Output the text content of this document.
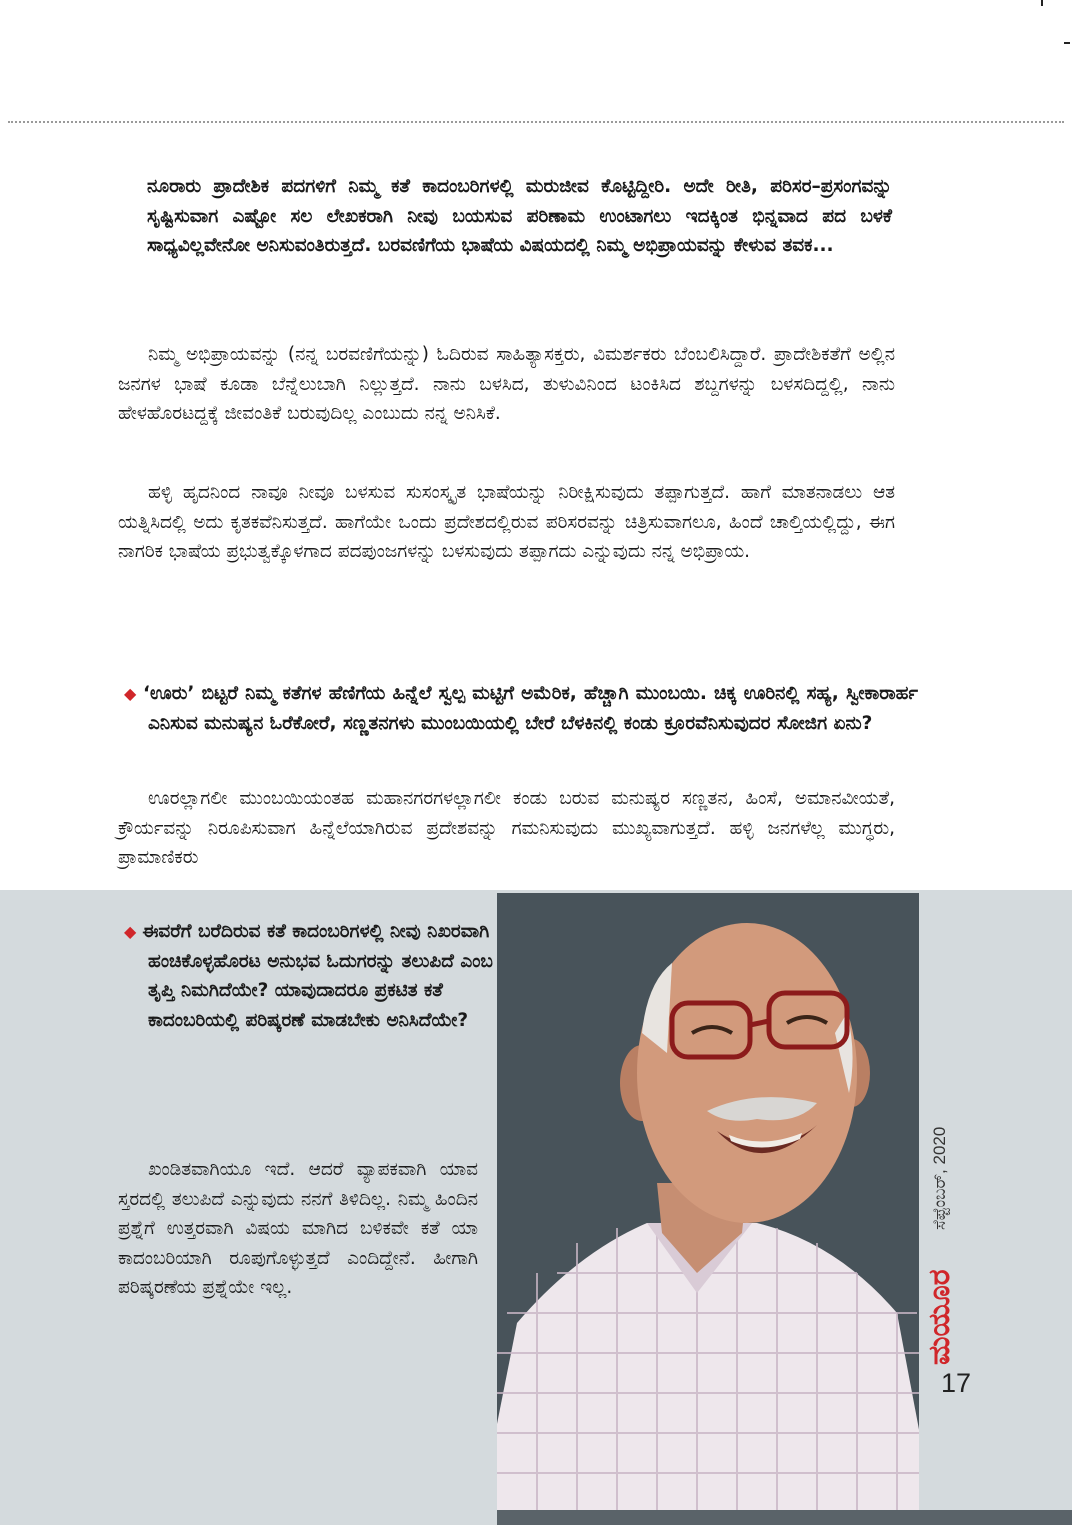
ನೂರಾರು ಪ್ರಾದೇಶಿಕ ಪದಗಳಿಗೆ ನಿಮ್ಮ ಕತೆ ಕಾದಂಬರಿಗಳಲ್ಲಿ ಮರುಜೀವ ಕೊಟ್ಟಿದ್ದೀರಿ. ಅದೇ ರೀತಿ, ಪರಿಸರ–ಪ್ರಸಂಗವನ್ನು ಸೃಷ್ಟಿಸುವಾಗ ಎಷ್ಟೋ ಸಲ ಲೇಖಕರಾಗಿ ನೀವು ಬಯಸುವ ಪರಿಣಾಮ ಉಂಟಾಗಲು ಇದಕ್ಕಿಂತ ಭಿನ್ನವಾದ ಪದ ಬಳಕೆ ಸಾಧ್ಯವಿಲ್ಲವೇನೋ ಅನಿಸುವಂತಿರುತ್ತದೆ. ಬರವಣಿಗೆಯ ಭಾಷೆಯ ವಿಷಯದಲ್ಲಿ ನಿಮ್ಮ ಅಭಿಪ್ರಾಯವನ್ನು ಕೇಳುವ ತವಕ...

ನಿಮ್ಮ ಅಭಿಪ್ರಾಯವನ್ನು (ನನ್ನ ಬರವಣಿಗೆಯನ್ನು) ಓದಿರುವ ಸಾಹಿತ್ಯಾಸಕ್ತರು, ವಿಮರ್ಶಕರು ಬೆಂಬಲಿಸಿದ್ದಾರೆ. ಪ್ರಾದೇಶಿಕತೆಗೆ ಅಲ್ಲಿನ ಜನಗಳ ಭಾಷೆ ಕೂಡಾ ಬೆನ್ನೆಲುಬಾಗಿ ನಿಲ್ಲುತ್ತದೆ. ನಾನು ಬಳಸಿದ, ತುಳುವಿನಿಂದ ಟಂಕಿಸಿದ ಶಬ್ದಗಳನ್ನು ಬಳಸದಿದ್ದಲ್ಲಿ, ನಾನು ಹೇಳಹೊರಟದ್ದಕ್ಕೆ ಜೀವಂತಿಕೆ ಬರುವುದಿಲ್ಲ ಎಂಬುದು ನನ್ನ ಅನಿಸಿಕೆ.

ಹಳ್ಳಿ ಹೃದನಿಂದ ನಾವೂ ನೀವೂ ಬಳಸುವ ಸುಸಂಸ್ಕೃತ ಭಾಷೆಯನ್ನು ನಿರೀಕ್ಷಿಸುವುದು ತಪ್ಪಾಗುತ್ತದೆ. ಹಾಗೆ ಮಾತನಾಡಲು ಆತ ಯತ್ನಿಸಿದಲ್ಲಿ ಅದು ಕೃತಕವೆನಿಸುತ್ತದೆ. ಹಾಗೆಯೇ ಒಂದು ಪ್ರದೇಶದಲ್ಲಿರುವ ಪರಿಸರವನ್ನು ಚಿತ್ರಿಸುವಾಗಲೂ, ಹಿಂದೆ ಚಾಲ್ತಿಯಲ್ಲಿದ್ದು, ಈಗ ನಾಗರಿಕ ಭಾಷೆಯ ಪ್ರಭುತ್ವಕ್ಕೊಳಗಾದ ಪದಪುಂಜಗಳನ್ನು ಬಳಸುವುದು ತಪ್ಪಾಗದು ಎನ್ನುವುದು ನನ್ನ ಅಭಿಪ್ರಾಯ.

◆ ‘ಊರು’ ಬಿಟ್ಟರೆ ನಿಮ್ಮ ಕತೆಗಳ ಹೆಣಿಗೆಯ ಹಿನ್ನೆಲೆ ಸ್ವಲ್ಪ ಮಟ್ಟಿಗೆ ಅಮೆರಿಕ, ಹೆಚ್ಚಾಗಿ ಮುಂಬಯಿ. ಚಿಕ್ಕ ಊರಿನಲ್ಲಿ ಸಹ್ಯ, ಸ್ವೀಕಾರಾರ್ಹ ಎನಿಸುವ ಮನುಷ್ಯನ ಓರೆಕೋರೆ, ಸಣ್ಣತನಗಳು ಮುಂಬಯಿಯಲ್ಲಿ ಬೇರೆ ಬೆಳಕಿನಲ್ಲಿ ಕಂಡು ಕ್ರೂರವೆನಿಸುವುದರ ಸೋಜಿಗ ಏನು?

ಊರಲ್ಲಾಗಲೀ ಮುಂಬಯಿಯಂತಹ ಮಹಾನಗರಗಳಲ್ಲಾಗಲೀ ಕಂಡು ಬರುವ ಮನುಷ್ಯರ ಸಣ್ಣತನ, ಹಿಂಸೆ, ಅಮಾನವೀಯತೆ, ಕ್ರೌರ್ಯವನ್ನು ನಿರೂಪಿಸುವಾಗ ಹಿನ್ನೆಲೆಯಾಗಿರುವ ಪ್ರದೇಶವನ್ನು ಗಮನಿಸುವುದು ಮುಖ್ಯವಾಗುತ್ತದೆ. ಹಳ್ಳಿ ಜನಗಳೆಲ್ಲ ಮುಗ್ಧರು, ಪ್ರಾಮಾಣಿಕರು

ಸೆಪ್ಟೆಂಬರ್, 2020
ಮಯೂರ
17
◆ ಈವರೆಗೆ ಬರೆದಿರುವ ಕತೆ ಕಾದಂಬರಿಗಳಲ್ಲಿ ನೀವು ನಿಖರವಾಗಿ ಹಂಚಿಕೊಳ್ಳಹೊರಟ ಅನುಭವ ಓದುಗರನ್ನು ತಲುಪಿದೆ ಎಂಬ ತೃಪ್ತಿ ನಿಮಗಿದೆಯೇ? ಯಾವುದಾದರೂ ಪ್ರಕಟಿತ ಕತೆ ಕಾದಂಬರಿಯಲ್ಲಿ ಪರಿಷ್ಕರಣೆ ಮಾಡಬೇಕು ಅನಿಸಿದೆಯೇ?

ಖಂಡಿತವಾಗಿಯೂ ಇದೆ. ಆದರೆ ವ್ಯಾಪಕವಾಗಿ ಯಾವ ಸ್ತರದಲ್ಲಿ ತಲುಪಿದೆ ಎನ್ನುವುದು ನನಗೆ ತಿಳಿದಿಲ್ಲ. ನಿಮ್ಮ ಹಿಂದಿನ ಪ್ರಶ್ನೆಗೆ ಉತ್ತರವಾಗಿ ವಿಷಯ ಮಾಗಿದ ಬಳಿಕವೇ ಕತೆ ಯಾ ಕಾದಂಬರಿಯಾಗಿ ರೂಪುಗೊಳ್ಳುತ್ತದೆ ಎಂದಿದ್ದೇನೆ. ಹೀಗಾಗಿ ಪರಿಷ್ಕರಣೆಯ ಪ್ರಶ್ನೆಯೇ ಇಲ್ಲ.
